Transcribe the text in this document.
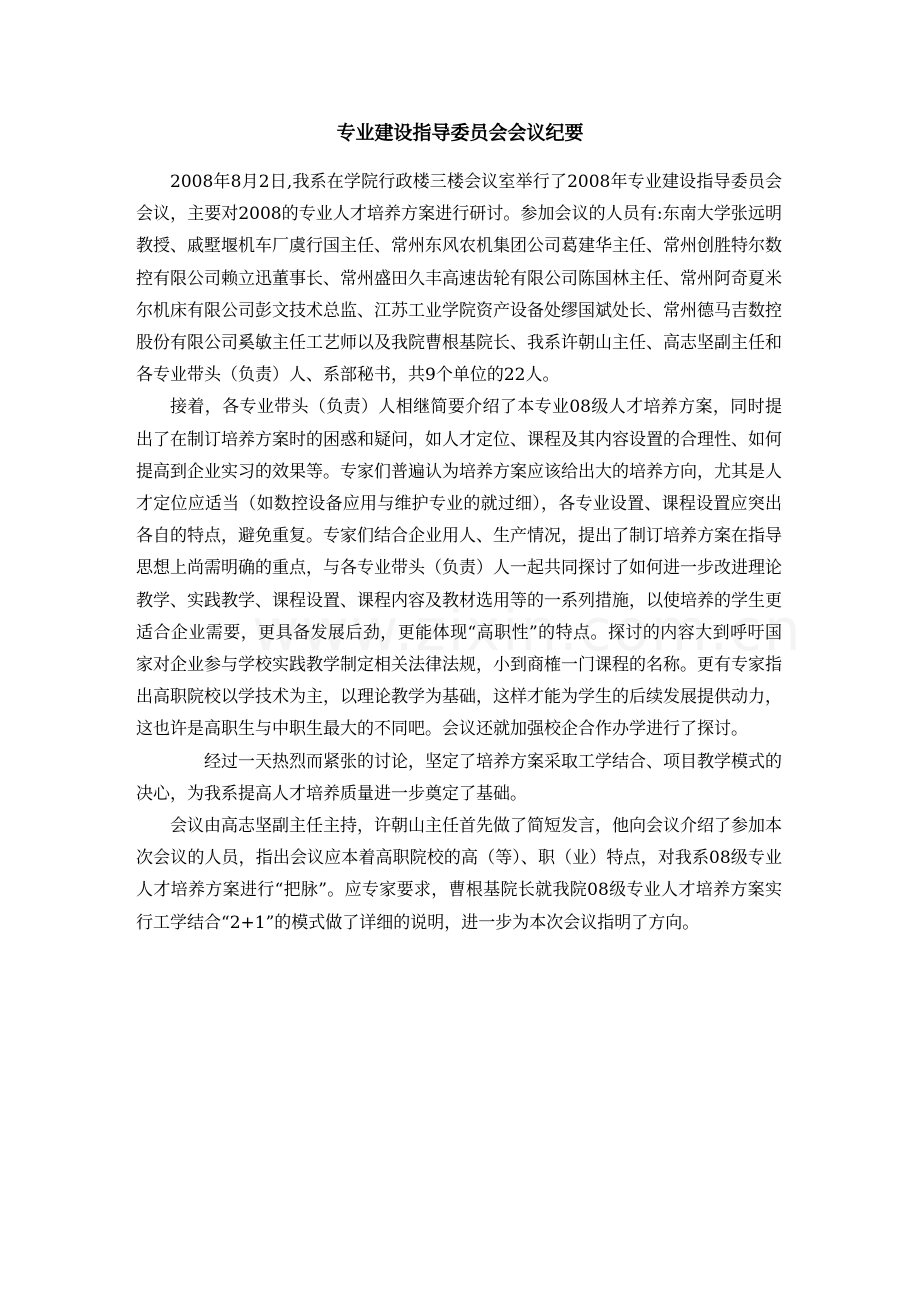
专业建设指导委员会会议纪要

2008年8月2日,我系在学院行政楼三楼会议室举行了2008年专业建设指导委员会会议，主要对2008的专业人才培养方案进行研讨。参加会议的人员有:东南大学张远明教授、戚墅堰机车厂虞行国主任、常州东风农机集团公司葛建华主任、常州创胜特尔数控有限公司赖立迅董事长、常州盛田久丰高速齿轮有限公司陈国林主任、常州阿奇夏米尔机床有限公司彭文技术总监、江苏工业学院资产设备处缪国斌处长、常州德马吉数控股份有限公司奚敏主任工艺师以及我院曹根基院长、我系许朝山主任、高志坚副主任和各专业带头（负责）人、系部秘书，共9个单位的22人。

接着，各专业带头（负责）人相继简要介绍了本专业08级人才培养方案，同时提出了在制订培养方案时的困惑和疑问，如人才定位、课程及其内容设置的合理性、如何提高到企业实习的效果等。专家们普遍认为培养方案应该给出大的培养方向，尤其是人才定位应适当（如数控设备应用与维护专业的就过细），各专业设置、课程设置应突出各自的特点，避免重复。专家们结合企业用人、生产情况，提出了制订培养方案在指导思想上尚需明确的重点，与各专业带头（负责）人一起共同探讨了如何进一步改进理论教学、实践教学、课程设置、课程内容及教材选用等的一系列措施，以使培养的学生更适合企业需要，更具备发展后劲，更能体现“高职性”的特点。探讨的内容大到呼吁国家对企业参与学校实践教学制定相关法律法规，小到商榷一门课程的名称。更有专家指出高职院校以学技术为主，以理论教学为基础，这样才能为学生的后续发展提供动力，这也许是高职生与中职生最大的不同吧。会议还就加强校企合作办学进行了探讨。

经过一天热烈而紧张的讨论，坚定了培养方案采取工学结合、项目教学模式的决心，为我系提高人才培养质量进一步奠定了基础。

会议由高志坚副主任主持，许朝山主任首先做了简短发言，他向会议介绍了参加本次会议的人员，指出会议应本着高职院校的高（等）、职（业）特点，对我系08级专业人才培养方案进行“把脉”。应专家要求，曹根基院长就我院08级专业人才培养方案实行工学结合“2+1”的模式做了详细的说明，进一步为本次会议指明了方向。
